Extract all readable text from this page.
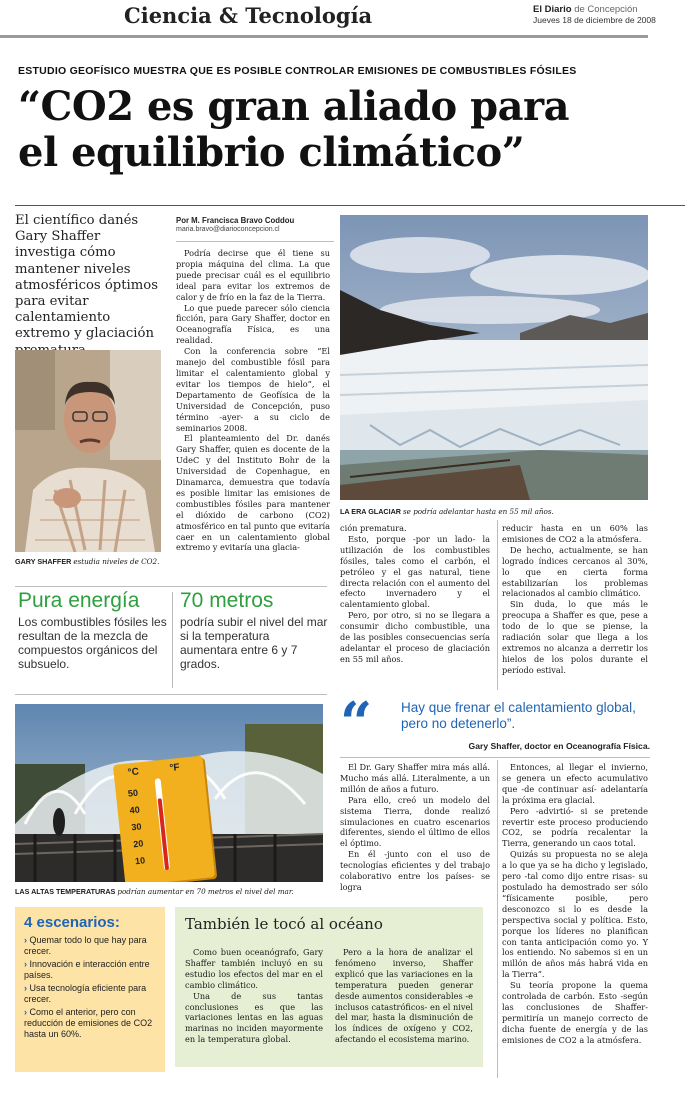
Ciencia & Tecnología	El Diario de Concepción
Jueves 18 de diciembre de 2008
ESTUDIO GEOFÍSICO MUESTRA QUE ES POSIBLE CONTROLAR EMISIONES DE COMBUSTIBLES FÓSILES
“CO2 es gran aliado para
el equilibrio climático”
El científico danés Gary Shaffer investiga cómo mantener niveles atmosféricos óptimos para evitar calentamiento extremo y glaciación
GARY SHAFFER estudia niveles de CO2.
Por M. Francisca Bravo Coddou
maria.bravo@diarioconcepcion.cl

Podría decirse que él tiene su propia máquina del clima. La que puede precisar cuál es el equilibrio ideal para evitar los extremos de calor y de frío en la faz de la Tierra.

Lo que puede parecer sólo ciencia ficción, para Gary Shaffer, doctor en Oceanografía Física, es una realidad.

Con la conferencia sobre “El manejo del combustible fósil para limitar el calentamiento global y evitar los tiempos de hielo”, el Departamento de Geofísica de la Universidad de Concepción, puso término -ayer- a su ciclo de seminarios 2008.

El planteamiento del Dr. danés Gary Shaffer, quien es docente de la UdeC y del Instituto Bohr de la Universidad de Copenhague, en Dinamarca, demuestra que todavía es posible limitar las emisiones de combustibles fósiles para mantener el dióxido de carbono (CO2) atmosférico en tal punto que evitaría caer en un calentamiento global extremo y evitaría una glacia-

LA ERA GLACIAR se podría adelantar hasta en 55 mil años.

ción prematura.

Esto, porque -por un lado- la utilización de los combustibles fósiles, tales como el carbón, el petróleo y el gas natural, tiene directa relación con el aumento del efecto invernadero y el calentamiento global.

Pero, por otro, si no se llegara a consumir dicho combustible, una de las posibles consecuencias sería adelantar el proceso de glaciación en 55 mil años.

reducir hasta en un 60% las emisiones de CO2 a la atmósfera.

De hecho, actualmente, se han logrado índices cercanos al 30%, lo que en cierta forma estabilizarían los problemas relacionados al cambio climático.

Sin duda, lo que más le preocupa a Shaffer es que, pese a todo de lo que se piense, la radiación solar que llega a los extremos no alcanza a derretir los hielos de los polos durante el período estival.

Pura energía
Los combustibles fósiles les resultan de la mezcla de compuestos orgánicos del subsuelo.
70 metros
podría subir el nivel del mar si la temperatura aumentara entre 6 y 7 grados.
°C	°F
50
40
30
20
10
LAS ALTAS TEMPERATURAS podrían aumentar en 70 metros el nivel del mar.
“ Hay que frenar el calentamiento global, pero no detenerlo”.
Gary Shaffer, doctor en Oceanografía Física.

El Dr. Gary Shaffer mira más allá. Mucho más allá. Literalmente, a un millón de años a futuro.

Para ello, creó un modelo del sistema Tierra, donde realizó simulaciones en cuatro escenarios diferentes, siendo el último de ellos el óptimo.

En él -junto con el uso de tecnologías eficientes y del trabajo colaborativo entre los países- se logra

Entonces, al llegar el invierno, se genera un efecto acumulativo que -de continuar así- adelantaría la próxima era glacial.

Pero -advirtió- si se pretende revertir este proceso produciendo CO2, se podría recalentar la Tierra, generando un caos total.

Quizás su propuesta no se aleja a lo que ya se ha dicho y legislado, pero -tal como dijo entre risas- su postulado ha demostrado ser sólo “físicamente posible, pero desconozco si lo es desde la perspectiva social y política. Esto, porque los líderes no planifican con tanta anticipación como yo. Y los entiendo. No sabemos si en un millón de años más habrá vida en la Tierra”.

Su teoría propone la quema controlada de carbón. Esto -según las conclusiones de Shaffer- permitiría un manejo correcto de dicha fuente de energía y de las emisiones de CO2 a la atmósfera.

4 escenarios:
› Quemar todo lo que hay para crecer.
› Innovación e interacción entre países.
› Usa tecnología eficiente para crecer.
› Como el anterior, pero con reducción de emisiones de CO2 hasta un 60%.
También le tocó al océano

Como buen oceanógrafo, Gary Shaffer también incluyó en su estudio los efectos del mar en el cambio climático.

Una de sus tantas conclusiones es que las variaciones lentas en las aguas marinas no inciden mayormente en la temperatura global.

Pero a la hora de analizar el fenómeno inverso, Shaffer explicó que las variaciones en la temperatura pueden generar desde aumentos considerables -e inclusos catastróficos- en el nivel del mar, hasta la disminución de los índices de oxígeno y CO2, afectando el ecosistema marino.
